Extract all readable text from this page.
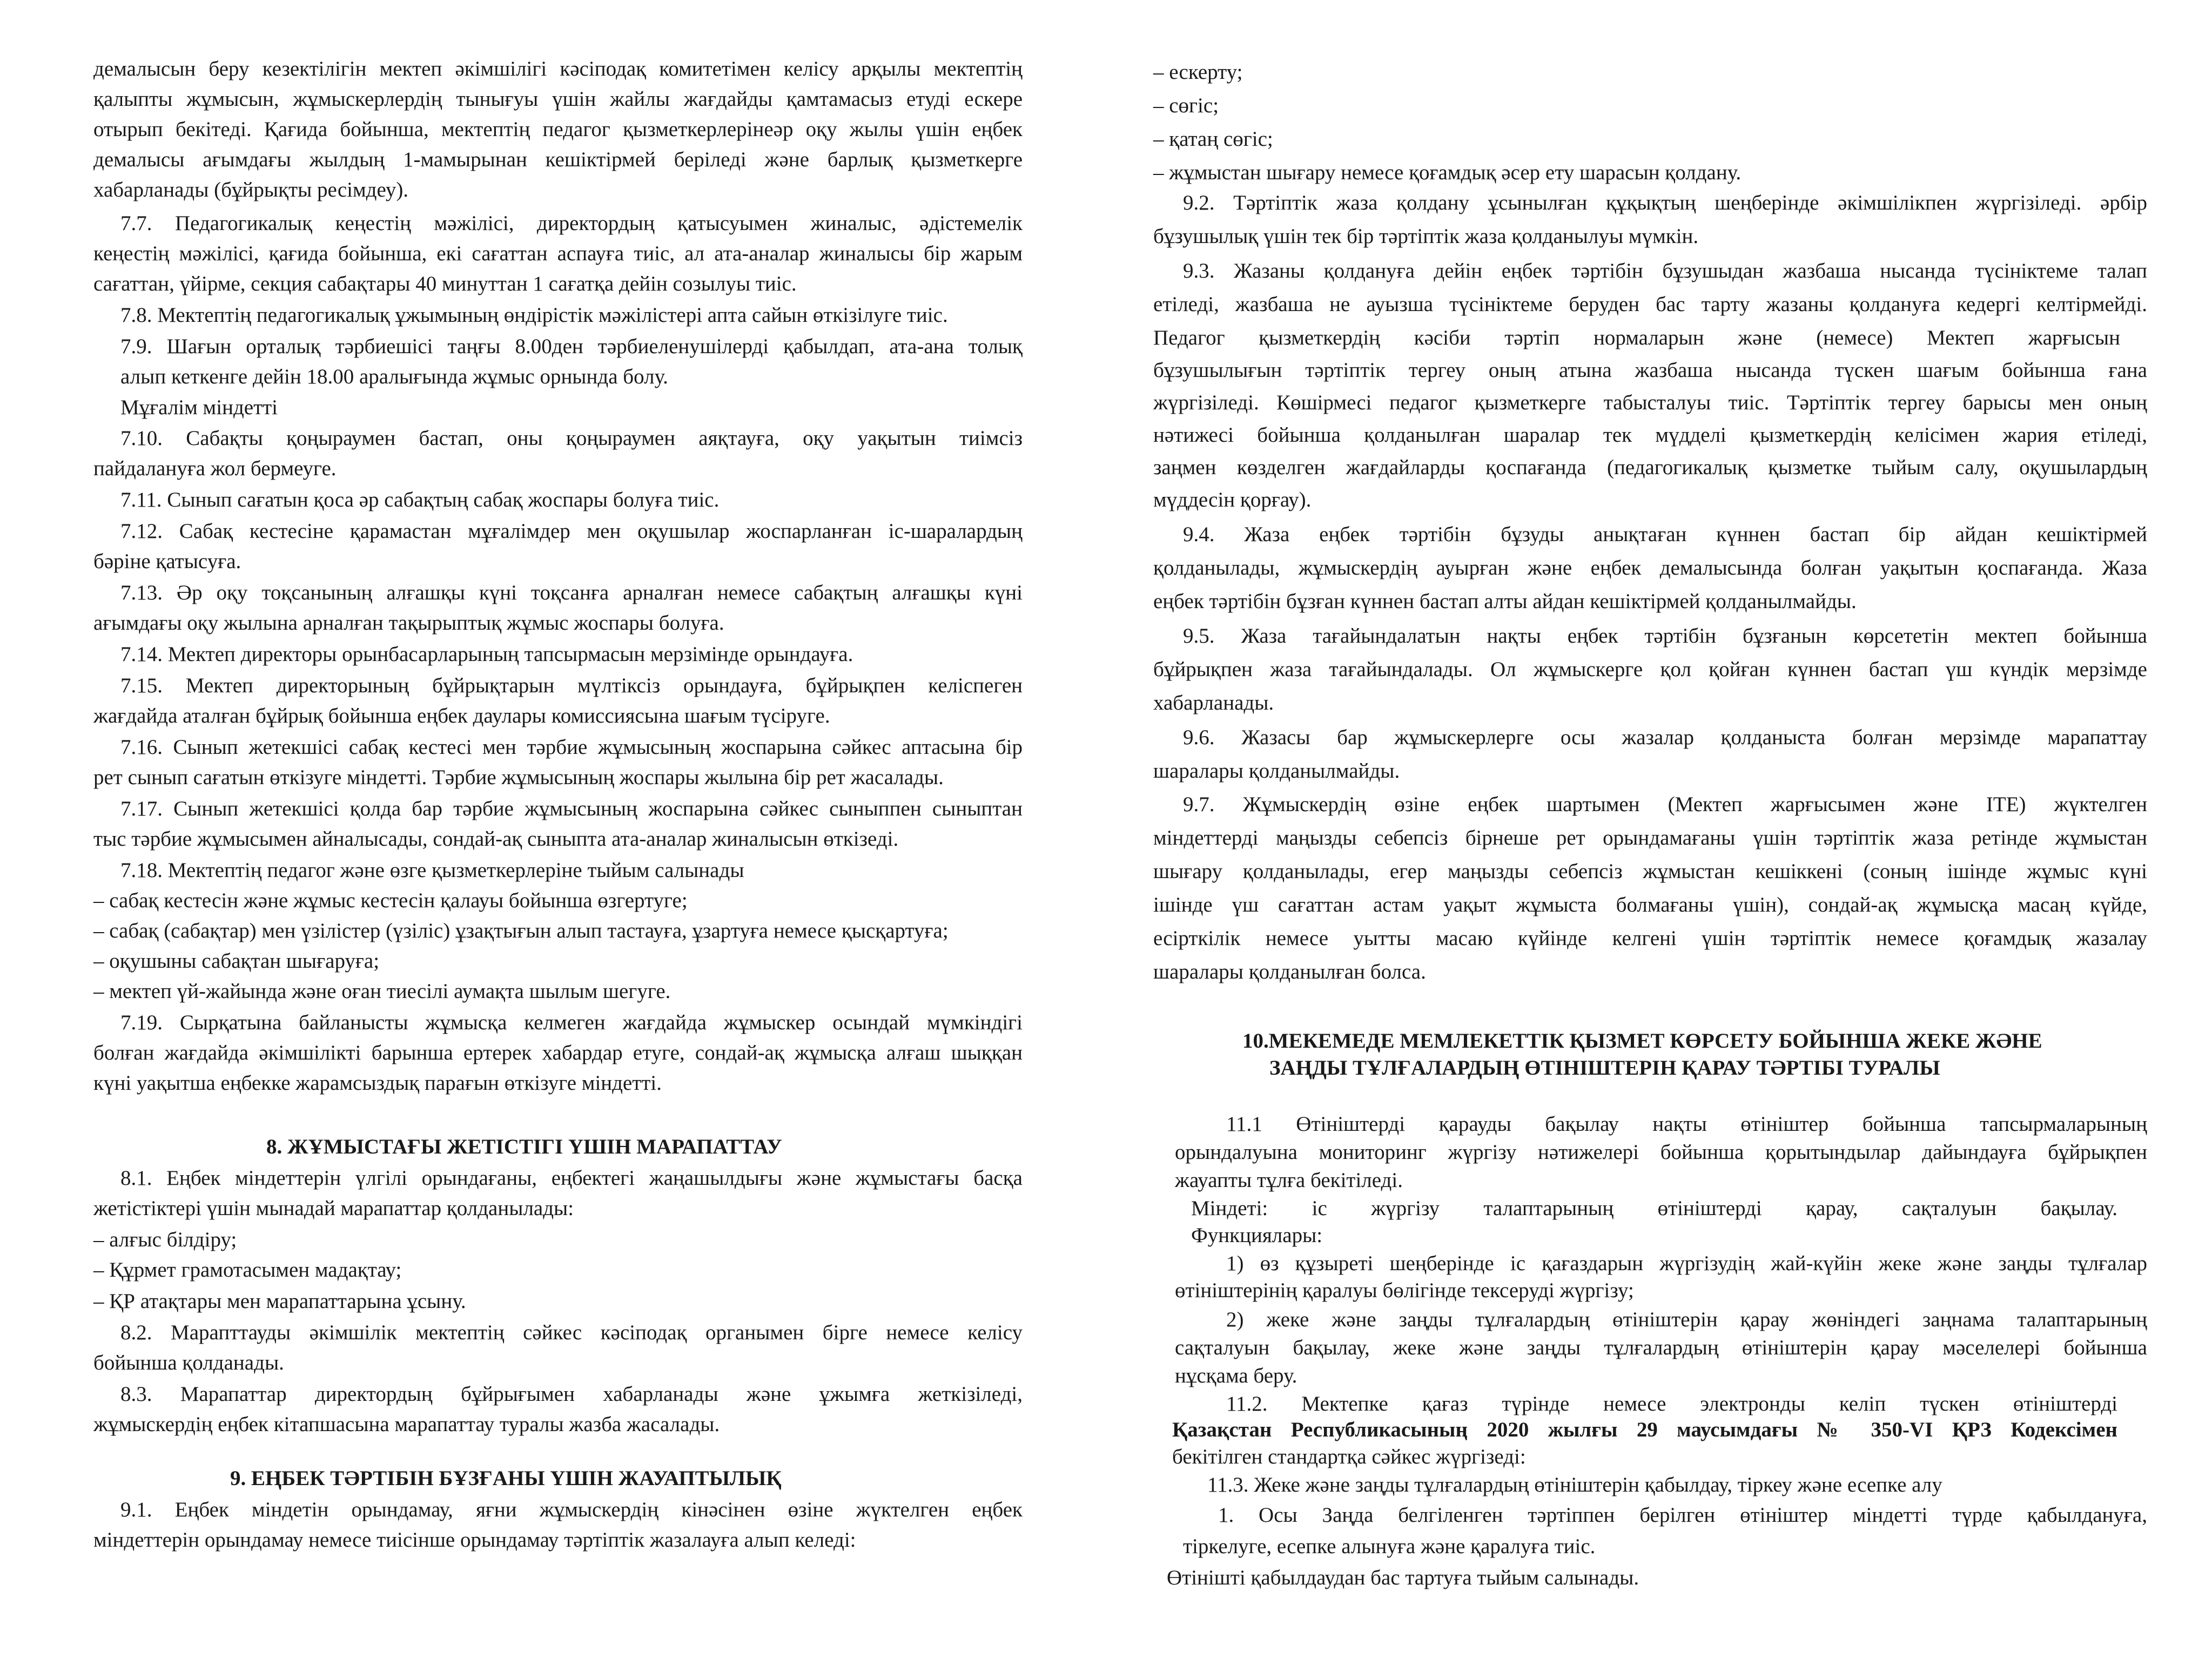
демалысын беру кезектілігін мектеп әкімшілігі кәсіподақ комитетімен келісу арқылы мектептің
қалыпты жұмысын, жұмыскерлердің тынығуы үшін жайлы жағдайды қамтамасыз етуді ескере
отырып бекітеді. Қағида бойынша, мектептің педагог қызметкерлерінеәр оқу жылы үшін еңбек
демалысы ағымдағы жылдың 1-мамырынан кешіктірмей беріледі және барлық қызметкерге
хабарланады (бұйрықты ресімдеу).
7.7. Педагогикалық кеңестің мәжілісі, директордың қатысуымен жиналыс, әдістемелік
кеңестің мәжілісі, қағида бойынша, екі сағаттан аспауға тиіс, ал ата-аналар жиналысы бір жарым
сағаттан, үйірме, секция сабақтары 40 минуттан 1 сағатқа дейін созылуы тиіс.
7.8. Мектептің педагогикалық ұжымының өндірістік мәжілістері апта сайын өткізілуге тиіс.
7.9. Шағын орталық тәрбиешісі таңғы 8.00ден тәрбиеленушілерді қабылдап, ата-ана толық
алып кеткенге дейін 18.00 аралығында жұмыс орнында болу.
Мұғалім міндетті
7.10. Сабақты қоңыраумен бастап, оны қоңыраумен аяқтауға, оқу уақытын тиімсіз
пайдалануға жол бермеуге.
7.11. Сынып сағатын қоса әр сабақтың сабақ жоспары болуға тиіс.
7.12. Сабақ кестесіне қарамастан мұғалімдер мен оқушылар жоспарланған іс-шаралардың
бәріне қатысуға.
7.13. Әр оқу тоқсанының алғашқы күні тоқсанға арналған немесе сабақтың алғашқы күні
ағымдағы оқу жылына арналған тақырыптық жұмыс жоспары болуға.
7.14. Мектеп директоры орынбасарларының тапсырмасын мерзімінде орындауға.
7.15. Мектеп директорының бұйрықтарын мүлтіксіз орындауға, бұйрықпен келіспеген
жағдайда аталған бұйрық бойынша еңбек даулары комиссиясына шағым түсіруге.
7.16. Сынып жетекшісі сабақ кестесі мен тәрбие жұмысының жоспарына сәйкес аптасына бір
рет сынып сағатын өткізуге міндетті. Тәрбие жұмысының жоспары жылына бір рет жасалады.
7.17. Сынып жетекшісі қолда бар тәрбие жұмысының жоспарына сәйкес сыныппен сыныптан
тыс тәрбие жұмысымен айналысады, сондай-ақ сыныпта ата-аналар жиналысын өткізеді.
7.18. Мектептің педагог және өзге қызметкерлеріне тыйым салынады
– сабақ кестесін және жұмыс кестесін қалауы бойынша өзгертуге;
– сабақ (сабақтар) мен үзілістер (үзіліс) ұзақтығын алып тастауға, ұзартуға немесе қысқартуға;
– оқушыны сабақтан шығаруға;
– мектеп үй-жайында және оған тиесілі аумақта шылым шегуге.
7.19. Сырқатына байланысты жұмысқа келмеген жағдайда жұмыскер осындай мүмкіндігі
болған жағдайда әкімшілікті барынша ертерек хабардар етуге, сондай-ақ жұмысқа алғаш шыққан
күні уақытша еңбекке жарамсыздық парағын өткізуге міндетті.
8. ЖҰМЫСТАҒЫ ЖЕТІСТІГІ ҮШІН МАРАПАТТАУ
8.1. Еңбек міндеттерін үлгілі орындағаны, еңбектегі жаңашылдығы және жұмыстағы басқа
жетістіктері үшін мынадай марапаттар қолданылады:
– алғыс білдіру;
– Құрмет грамотасымен мадақтау;
– ҚР атақтары мен марапаттарына ұсыну.
8.2. Марапттауды әкімшілік мектептің сәйкес кәсіподақ органымен бірге немесе келісу
бойынша қолданады.
8.3. Марапаттар директордың бұйрығымен хабарланады және ұжымға жеткізіледі,
жұмыскердің еңбек кітапшасына марапаттау туралы жазба жасалады.
9. ЕҢБЕК ТӘРТІБІН БҰЗҒАНЫ ҮШІН ЖАУАПТЫЛЫҚ
9.1. Еңбек міндетін орындамау, яғни жұмыскердің кінәсінен өзіне жүктелген еңбек
міндеттерін орындамау немесе тиісінше орындамау тәртіптік жазалауға алып келеді:
– ескерту;
– сөгіс;
– қатаң сөгіс;
– жұмыстан шығару немесе қоғамдық әсер ету шарасын қолдану.
9.2. Тәртіптік жаза қолдану ұсынылған құқықтың шеңберінде әкімшілікпен жүргізіледі. әрбір
бұзушылық үшін тек бір тәртіптік жаза қолданылуы мүмкін.
9.3. Жазаны қолдануға дейін еңбек тәртібін бұзушыдан жазбаша нысанда түсініктеме талап
етіледі, жазбаша не ауызша түсініктеме беруден бас тарту жазаны қолдануға кедергі келтірмейді.
Педагог қызметкердің кәсіби тәртіп нормаларын және (немесе) Мектеп жарғысын
бұзушылығын тәртіптік тергеу оның атына жазбаша нысанда түскен шағым бойынша ғана
жүргізіледі. Көшірмесі педагог қызметкерге табысталуы тиіс. Тәртіптік тергеу барысы мен оның
нәтижесі бойынша қолданылған шаралар тек мүдделі қызметкердің келісімен жария етіледі,
заңмен көзделген жағдайларды қоспағанда (педагогикалық қызметке тыйым салу, оқушылардың
мүддесін қорғау).
9.4. Жаза еңбек тәртібін бұзуды анықтаған күннен бастап бір айдан кешіктірмей
қолданылады, жұмыскердің ауырған және еңбек демалысында болған уақытын қоспағанда. Жаза
еңбек тәртібін бұзған күннен бастап алты айдан кешіктірмей қолданылмайды.
9.5. Жаза тағайындалатын нақты еңбек тәртібін бұзғанын көрсететін мектеп бойынша
бұйрықпен жаза тағайындалады. Ол жұмыскерге қол қойған күннен бастап үш күндік мерзімде
хабарланады.
9.6. Жазасы бар жұмыскерлерге осы жазалар қолданыста болған мерзімде марапаттау
шаралары қолданылмайды.
9.7. Жұмыскердің өзіне еңбек шартымен (Мектеп жарғысымен және ІТЕ) жүктелген
міндеттерді маңызды себепсіз бірнеше рет орындамағаны үшін тәртіптік жаза ретінде жұмыстан
шығару қолданылады, егер маңызды себепсіз жұмыстан кешіккені (соның ішінде жұмыс күні
ішінде үш сағаттан астам уақыт жұмыста болмағаны үшін), сондай-ақ жұмысқа масаң күйде,
есірткілік немесе уытты масаю күйінде келгені үшін тәртіптік немесе қоғамдық жазалау
шаралары қолданылған болса.
10.МЕКЕМЕДЕ МЕМЛЕКЕТТІК ҚЫЗМЕТ КӨРСЕТУ БОЙЫНША ЖЕКЕ ЖӘНЕ
ЗАҢДЫ ТҰЛҒАЛАРДЫҢ ӨТІНІШТЕРІН ҚАРАУ ТӘРТІБІ ТУРАЛЫ
11.1 Өтініштерді қарауды бақылау нақты өтініштер бойынша тапсырмаларының
орындалуына мониторинг жүргізу нәтижелері бойынша қорытындылар дайындауға бұйрықпен
жауапты тұлға бекітіледі.
Міндеті: іс жүргізу талаптарының өтініштерді қарау, сақталуын бақылау.
Функциялары:
1) өз құзыреті шеңберінде іс қағаздарын жүргізудің жай-күйін жеке және заңды тұлғалар
өтініштерінің қаралуы бөлігінде тексеруді жүргізу;
2) жеке және заңды тұлғалардың өтініштерін қарау жөніндегі заңнама талаптарының
сақталуын бақылау, жеке және заңды тұлғалардың өтініштерін қарау мәселелері бойынша
нұсқама беру.
11.2. Мектепке қағаз түрінде немесе электронды келіп түскен өтініштерді
Қазақстан Республикасының 2020 жылғы 29 маусымдағы № 350-VI ҚРЗ Кодексімен
бекітілген стандартқа сәйкес жүргізеді:
11.3. Жеке және заңды тұлғалардың өтініштерін қабылдау, тіркеу және есепке алу
1. Осы Заңда белгіленген тәртіппен берілген өтініштер міндетті түрде қабылдануға,
тіркелуге, есепке алынуға және қаралуға тиіс.
Өтінішті қабылдаудан бас тартуға тыйым салынады.
